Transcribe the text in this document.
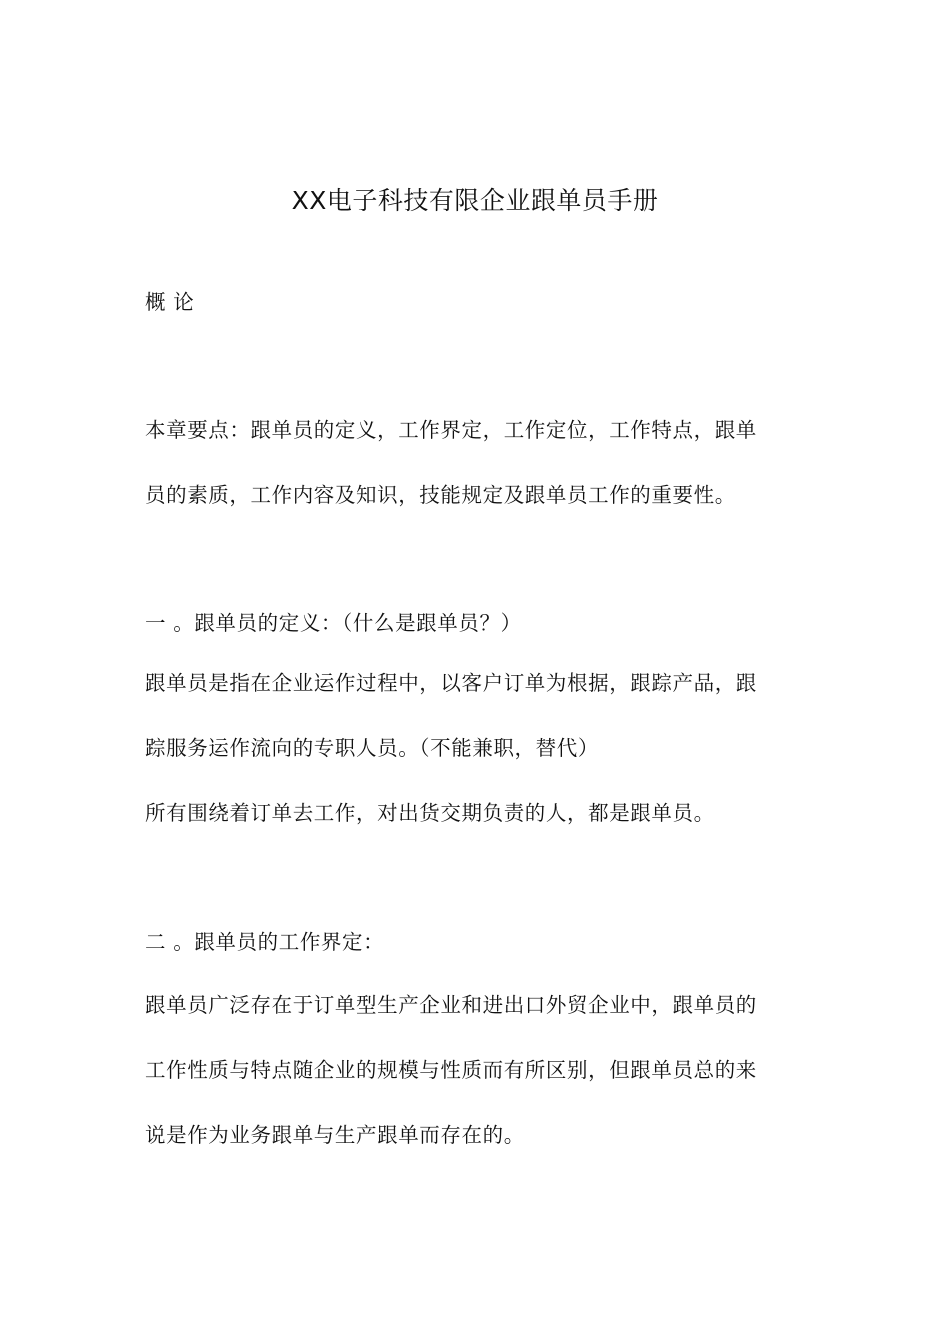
XX电子科技有限企业跟单员手册
概 论
本章要点：跟单员的定义，工作界定，工作定位，工作特点，跟单
员的素质，工作内容及知识，技能规定及跟单员工作的重要性。
一 。跟单员的定义：（什么是跟单员？）
跟单员是指在企业运作过程中，以客户订单为根据，跟踪产品，跟
踪服务运作流向的专职人员。（不能兼职，替代）
所有围绕着订单去工作，对出货交期负责的人，都是跟单员。
二 。跟单员的工作界定：
跟单员广泛存在于订单型生产企业和进出口外贸企业中，跟单员的
工作性质与特点随企业的规模与性质而有所区别，但跟单员总的来
说是作为业务跟单与生产跟单而存在的。
